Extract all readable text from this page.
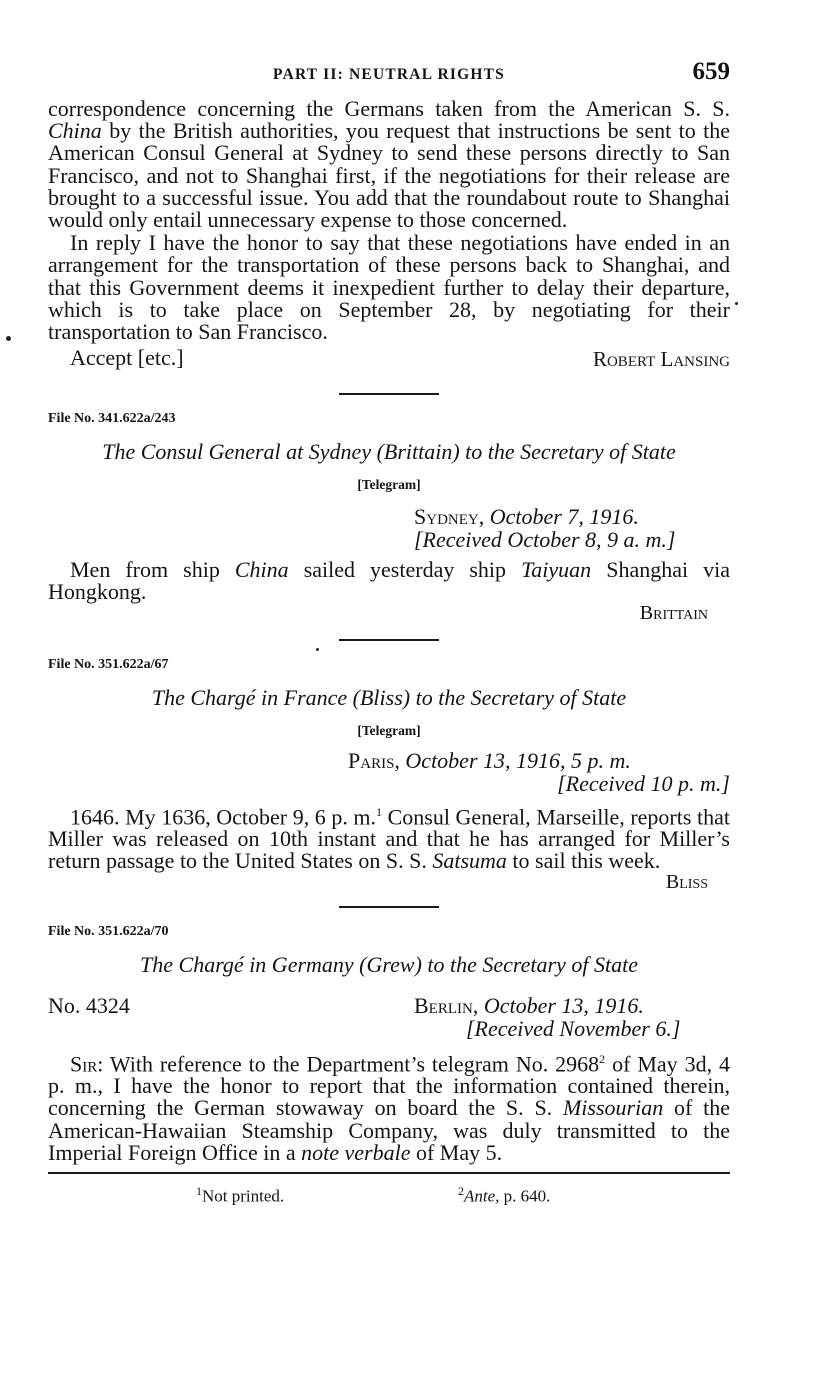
PART II: NEUTRAL RIGHTS	659

correspondence concerning the Germans taken from the American S. S. China by the British authorities, you request that instructions be sent to the American Consul General at Sydney to send these persons directly to San Francisco, and not to Shanghai first, if the negotiations for their release are brought to a successful issue. You add that the roundabout route to Shanghai would only entail unnecessary expense to those concerned.

In reply I have the honor to say that these negotiations have ended in an arrangement for the transportation of these persons back to Shanghai, and that this Government deems it inexpedient further to delay their departure, which is to take place on September 28, by negotiating for their transportation to San Francisco.

Accept [etc.]	Robert Lansing
File No. 341.622a/243
The Consul General at Sydney (Brittain) to the Secretary of State
[Telegram]
Sydney, October 7, 1916.
[Received October 8, 9 a. m.]

Men from ship China sailed yesterday ship Taiyuan Shanghai via Hongkong.

Brittain
File No. 351.622a/67
The Chargé in France (Bliss) to the Secretary of State
[Telegram]
Paris, October 13, 1916, 5 p. m.
[Received 10 p. m.]

1646. My 1636, October 9, 6 p. m.$^1$ Consul General, Marseille, reports that Miller was released on 10th instant and that he has arranged for Miller’s return passage to the United States on S. S. Satsuma to sail this week.

Bliss
File No. 351.622a/70
The Chargé in Germany (Grew) to the Secretary of State
No. 4324	Berlin, October 13, 1916.
[Received November 6.]

Sir: With reference to the Department’s telegram No. 2968$^2$ of May 3d, 4 p. m., I have the honor to report that the information contained therein, concerning the German stowaway on board the S. S. Missourian of the American-Hawaiian Steamship Company, was duly transmitted to the Imperial Foreign Office in a note verbale of May 5.

$^1$Not printed.	$^2$Ante, p. 640.
